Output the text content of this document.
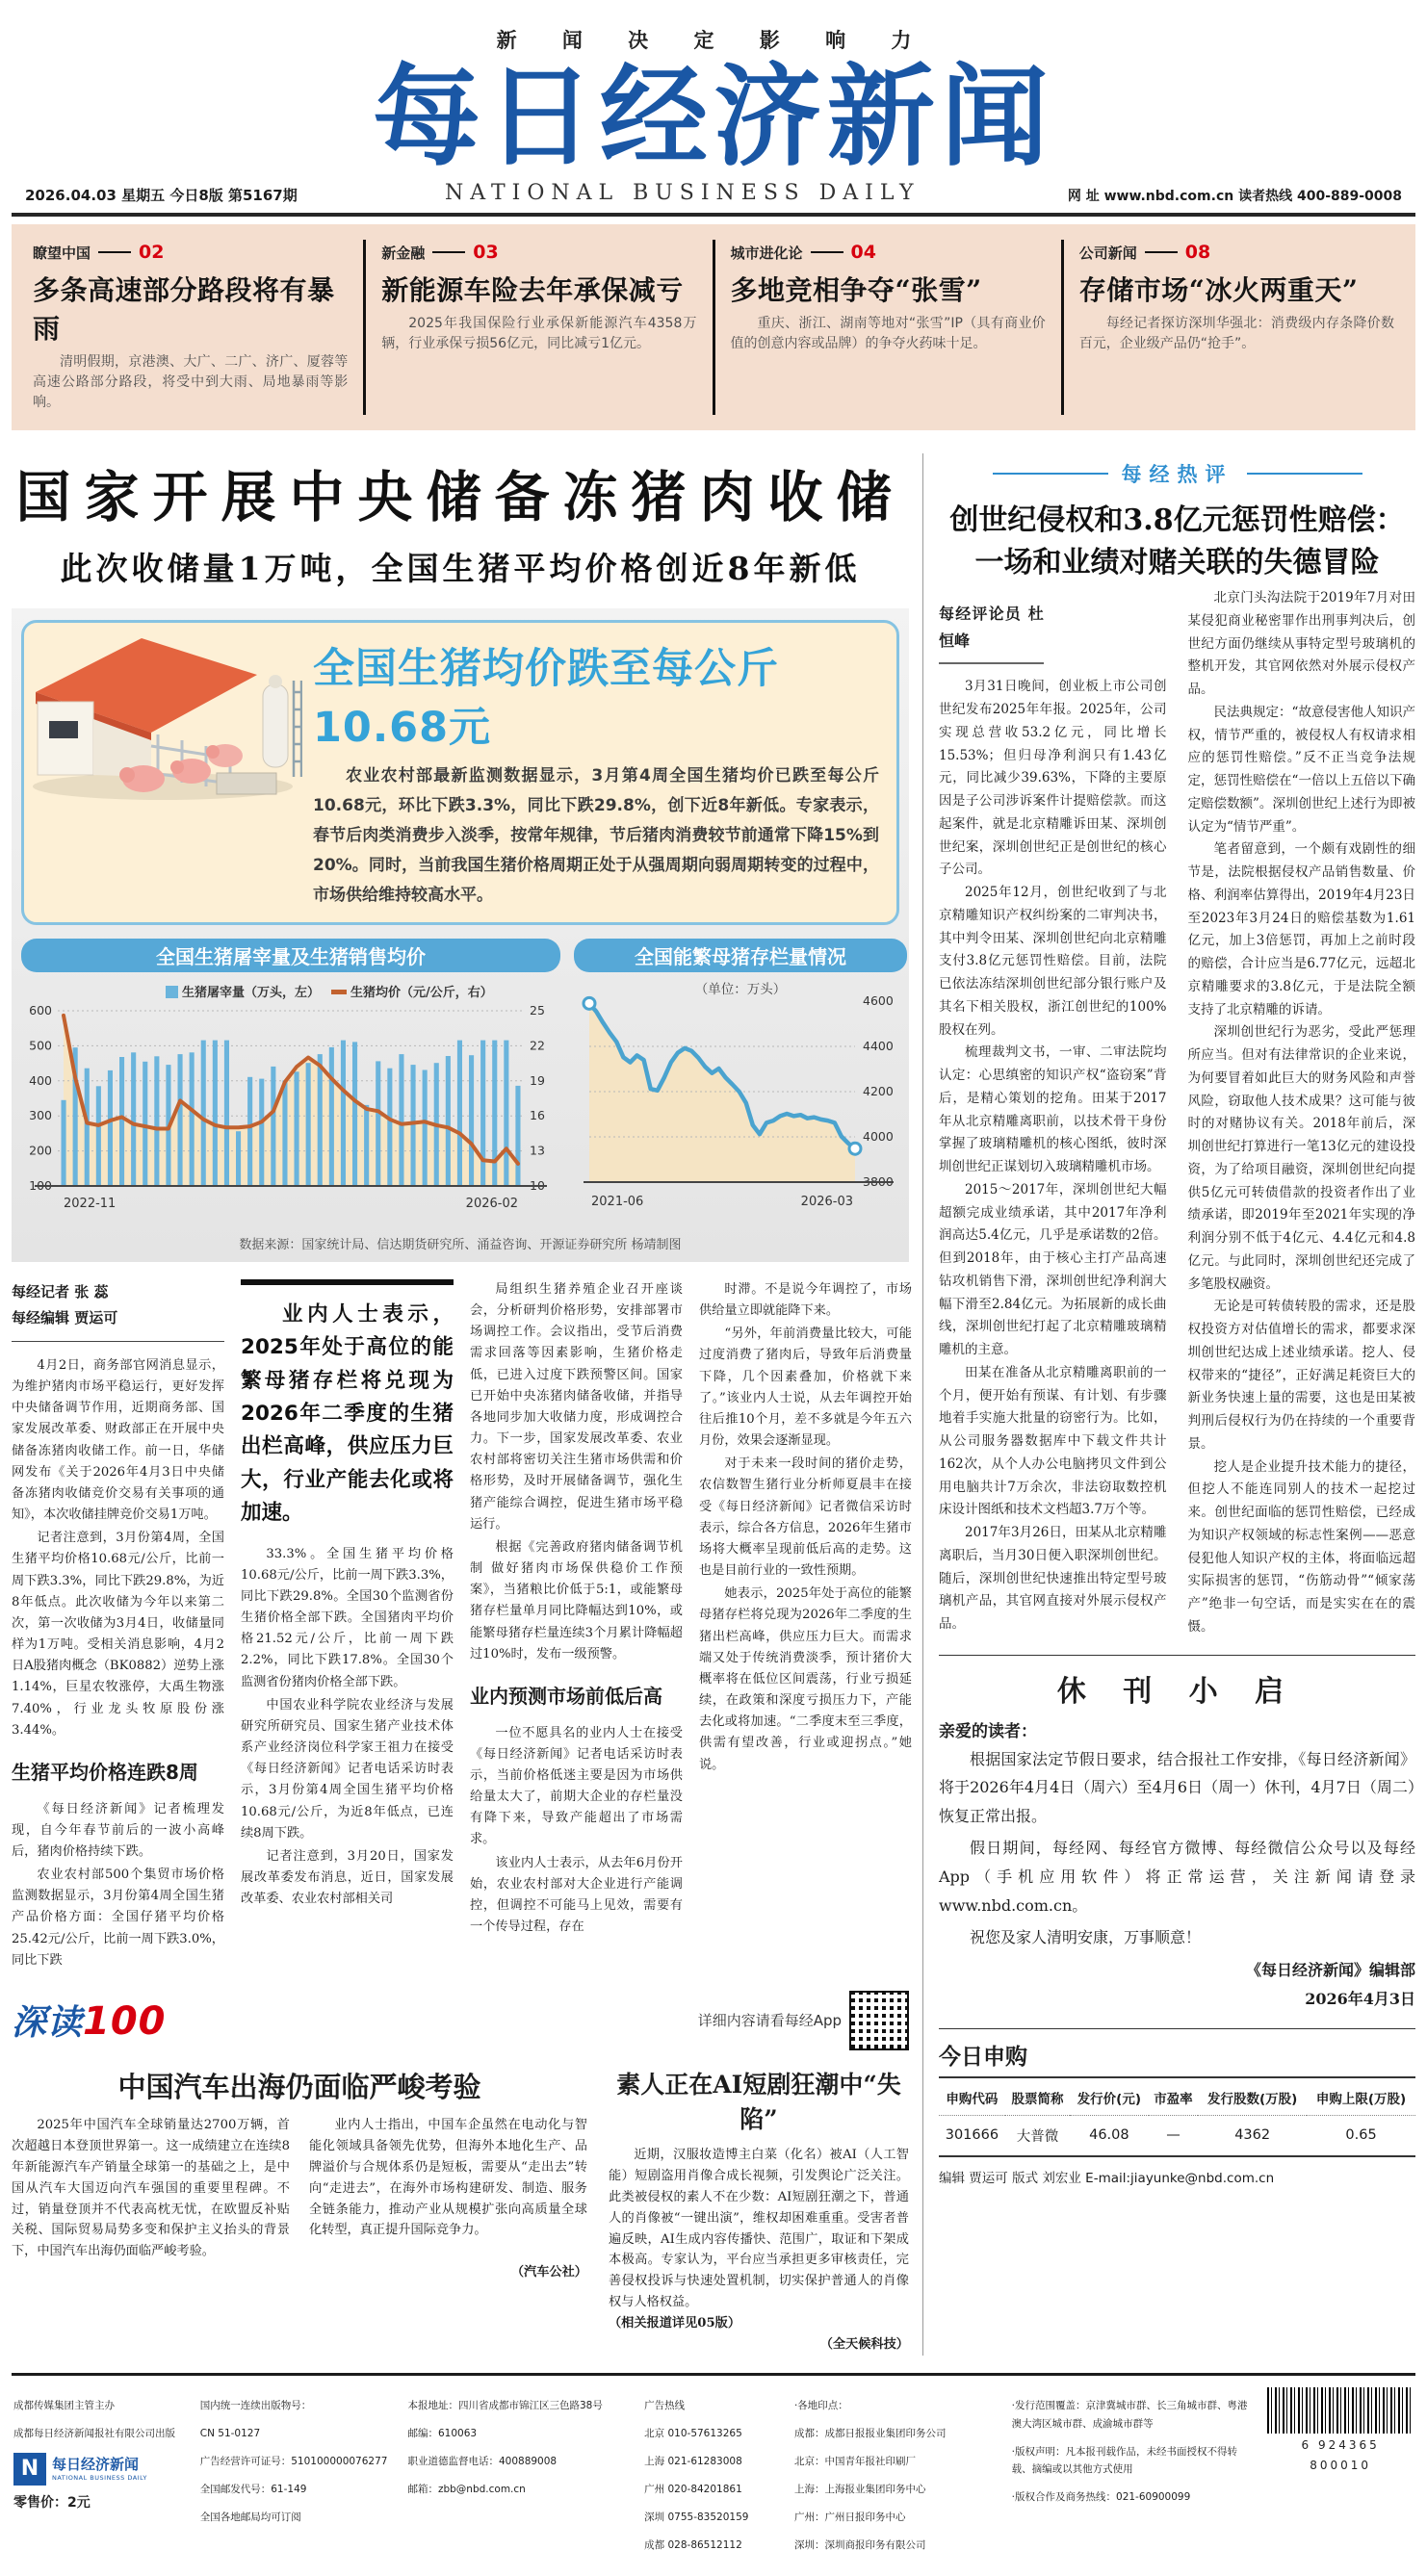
新 闻 决 定 影 响 力
每日经济新闻
2026.04.03 星期五 今日8版 第5167期	NATIONAL BUSINESS DAILY	网 址 www.nbd.com.cn 读者热线 400-889-0008
瞭望中国	02
多条高速部分路段将有暴雨
清明假期，京港澳、大广、二广、济广、厦蓉等高速公路部分路段，将受中到大雨、局地暴雨等影响。
新金融	03
新能源车险去年承保减亏
2025年我国保险行业承保新能源汽车4358万辆，行业承保亏损56亿元，同比减亏1亿元。
城市进化论	04
多地竞相争夺“张雪”
重庆、浙江、湖南等地对“张雪”IP（具有商业价值的创意内容或品牌）的争夺火药味十足。
公司新闻	08
存储市场“冰火两重天”
每经记者探访深圳华强北：消费级内存条降价数百元，企业级产品仍“抢手”。
国家开展中央储备冻猪肉收储
此次收储量1万吨，全国生猪平均价格创近8年新低
全国生猪均价跌至每公斤10.68元
农业农村部最新监测数据显示，3月第4周全国生猪均价已跌至每公斤10.68元，环比下跌3.3%，同比下跌29.8%，创下近8年新低。专家表示，春节后肉类消费步入淡季，按常年规律，节后猪肉消费较节前通常下降15%到20%。同时，当前我国生猪价格周期正处于从强周期向弱周期转变的过程中，市场供给维持较高水平。
全国生猪屠宰量及生猪销售均价
生猪屠宰量（万头，左） 生猪均价（元/公斤，右）
600	25
500	22
400	19
300	16
200	13
100	10
2022-11	2026-02
全国能繁母猪存栏量情况
（单位：万头）
4600
4400
4200
4000
3800
2021-06	2026-03
数据来源：国家统计局、信达期货研究所、涌益咨询、开源证券研究所 杨靖制图
每经记者 张 蕊
每经编辑 贾运可

4月2日，商务部官网消息显示，为维护猪肉市场平稳运行，更好发挥中央储备调节作用，近期商务部、国家发展改革委、财政部正在开展中央储备冻猪肉收储工作。前一日，华储网发布《关于2026年4月3日中央储备冻猪肉收储竞价交易有关事项的通知》，本次收储挂牌竞价交易1万吨。

记者注意到，3月份第4周，全国生猪平均价格10.68元/公斤，比前一周下跌3.3%，同比下跌29.8%，为近8年低点。此次收储为今年以来第二次，第一次收储为3月4日，收储量同样为1万吨。受相关消息影响，4月2日A股猪肉概念（BK0882）逆势上涨1.14%，巨星农牧涨停，大禹生物涨7.40%，行业龙头牧原股份涨3.44%。

生猪平均价格连跌8周

《每日经济新闻》记者梳理发现，自今年春节前后的一波小高峰后，猪肉价格持续下跌。

农业农村部500个集贸市场价格监测数据显示，3月份第4周全国生猪产品价格方面：全国仔猪平均价格25.42元/公斤，比前一周下跌3.0%，同比下跌

业内人士表示，2025年处于高位的能繁母猪存栏将兑现为2026年二季度的生猪出栏高峰，供应压力巨大，行业产能去化或将加速。

33.3%。全国生猪平均价格10.68元/公斤，比前一周下跌3.3%，同比下跌29.8%。全国30个监测省份生猪价格全部下跌。全国猪肉平均价格21.52元/公斤，比前一周下跌2.2%，同比下跌17.8%。全国30个监测省份猪肉价格全部下跌。

中国农业科学院农业经济与发展研究所研究员、国家生猪产业技术体系产业经济岗位科学家王祖力在接受《每日经济新闻》记者电话采访时表示，3月份第4周全国生猪平均价格10.68元/公斤，为近8年低点，已连续8周下跌。

记者注意到，3月20日，国家发展改革委发布消息，近日，国家发展改革委、农业农村部相关司

局组织生猪养殖企业召开座谈会，分析研判价格形势，安排部署市场调控工作。会议指出，受节后消费需求回落等因素影响，生猪价格走低，已进入过度下跌预警区间。国家已开始中央冻猪肉储备收储，并指导各地同步加大收储力度，形成调控合力。下一步，国家发展改革委、农业农村部将密切关注生猪市场供需和价格形势，及时开展储备调节，强化生猪产能综合调控，促进生猪市场平稳运行。

根据《完善政府猪肉储备调节机制 做好猪肉市场保供稳价工作预案》，当猪粮比价低于5:1，或能繁母猪存栏量单月同比降幅达到10%，或能繁母猪存栏量连续3个月累计降幅超过10%时，发布一级预警。

业内预测市场前低后高

一位不愿具名的业内人士在接受《每日经济新闻》记者电话采访时表示，当前价格低迷主要是因为市场供给量太大了，前期大企业的存栏量没有降下来，导致产能超出了市场需求。

该业内人士表示，从去年6月份开始，农业农村部对大企业进行产能调控，但调控不可能马上见效，需要有一个传导过程，存在

时滞。不是说今年调控了，市场供给量立即就能降下来。

“另外，年前消费量比较大，可能过度消费了猪肉后，导致年后消费量下降，几个因素叠加，价格就下来了。”该业内人士说，从去年调控开始往后推10个月，差不多就是今年五六月份，效果会逐渐显现。

对于未来一段时间的猪价走势，农信数智生猪行业分析师夏晨丰在接受《每日经济新闻》记者微信采访时表示，综合各方信息，2026年生猪市场将大概率呈现前低后高的走势。这也是目前行业的一致性预期。

她表示，2025年处于高位的能繁母猪存栏将兑现为2026年二季度的生猪出栏高峰，供应压力巨大。而需求端又处于传统消费淡季，预计猪价大概率将在低位区间震荡，行业亏损延续，在政策和深度亏损压力下，产能去化或将加速。“二季度末至三季度，供需有望改善，行业或迎拐点。”她说。

深读100	详细内容请看每经App
中国汽车出海仍面临严峻考验

2025年中国汽车全球销量达2700万辆，首次超越日本登顶世界第一。这一成绩建立在连续8年新能源汽车产销量全球第一的基础之上，是中国从汽车大国迈向汽车强国的重要里程碑。不过，销量登顶并不代表高枕无忧，在欧盟反补贴关税、国际贸易局势多变和保护主义抬头的背景下，中国汽车出海仍面临严峻考验。

业内人士指出，中国车企虽然在电动化与智能化领域具备领先优势，但海外本地化生产、品牌溢价与合规体系仍是短板，需要从“走出去”转向“走进去”，在海外市场构建研发、制造、服务全链条能力，推动产业从规模扩张向高质量全球化转型，真正提升国际竞争力。

（汽车公社）
素人正在AI短剧狂潮中“失陷”

近期，汉服妆造博主白菜（化名）被AI（人工智能）短剧盗用肖像合成长视频，引发舆论广泛关注。此类被侵权的素人不在少数：AI短剧狂潮之下，普通人的肖像被“一键出演”，维权却困难重重。受害者普遍反映，AI生成内容传播快、范围广，取证和下架成本极高。专家认为，平台应当承担更多审核责任，完善侵权投诉与快速处置机制，切实保护普通人的肖像权与人格权益。

（相关报道详见05版）
（全天候科技）
每经热评
创世纪侵权和3.8亿元惩罚性赔偿：
一场和业绩对赌关联的失德冒险
每经评论员 杜恒峰

3月31日晚间，创业板上市公司创世纪发布2025年年报。2025年，公司实现总营收53.2亿元，同比增长15.53%；但归母净利润只有1.43亿元，同比减少39.63%，下降的主要原因是子公司涉诉案件计提赔偿款。而这起案件，就是北京精雕诉田某、深圳创世纪案，深圳创世纪正是创世纪的核心子公司。

2025年12月，创世纪收到了与北京精雕知识产权纠纷案的二审判决书，其中判令田某、深圳创世纪向北京精雕支付3.8亿元惩罚性赔偿。目前，法院已依法冻结深圳创世纪部分银行账户及其名下相关股权，浙江创世纪的100%股权在列。

梳理裁判文书，一审、二审法院均认定：心思缜密的知识产权“盗窃案”背后，是精心策划的挖角。田某于2017年从北京精雕离职前，以技术骨干身份掌握了玻璃精雕机的核心图纸，彼时深圳创世纪正谋划切入玻璃精雕机市场。

2015～2017年，深圳创世纪大幅超额完成业绩承诺，其中2017年净利润高达5.4亿元，几乎是承诺数的2倍。但到2018年，由于核心主打产品高速钻攻机销售下滑，深圳创世纪净利润大幅下滑至2.84亿元。为拓展新的成长曲线，深圳创世纪打起了北京精雕玻璃精雕机的主意。

田某在准备从北京精雕离职前的一个月，便开始有预谋、有计划、有步骤地着手实施大批量的窃密行为。比如，从公司服务器数据库中下载文件共计162次，从个人办公电脑拷贝文件到公用电脑共计7万余次，非法窃取数控机床设计图纸和技术文档超3.7万个等。

2017年3月26日，田某从北京精雕离职后，当月30日便入职深圳创世纪。随后，深圳创世纪快速推出特定型号玻璃机产品，其官网直接对外展示侵权产品。

北京门头沟法院于2019年7月对田某侵犯商业秘密罪作出刑事判决后，创世纪方面仍继续从事特定型号玻璃机的整机开发，其官网依然对外展示侵权产品。

民法典规定：“故意侵害他人知识产权，情节严重的，被侵权人有权请求相应的惩罚性赔偿。”反不正当竞争法规定，惩罚性赔偿在“一倍以上五倍以下确定赔偿数额”。深圳创世纪上述行为即被认定为“情节严重”。

笔者留意到，一个颇有戏剧性的细节是，法院根据侵权产品销售数量、价格、利润率估算得出，2019年4月23日至2023年3月24日的赔偿基数为1.61亿元，加上3倍惩罚，再加上之前时段的赔偿，合计应当是6.77亿元，远超北京精雕要求的3.8亿元，于是法院全额支持了北京精雕的诉请。

深圳创世纪行为恶劣，受此严惩理所应当。但对有法律常识的企业来说，为何要冒着如此巨大的财务风险和声誉风险，窃取他人技术成果？这可能与彼时的对赌协议有关。2018年前后，深圳创世纪打算进行一笔13亿元的建设投资，为了给项目融资，深圳创世纪向提供5亿元可转债借款的投资者作出了业绩承诺，即2019年至2021年实现的净利润分别不低于4亿元、4.4亿元和4.8亿元。与此同时，深圳创世纪还完成了多笔股权融资。

无论是可转债转股的需求，还是股权投资方对估值增长的需求，都要求深圳创世纪达成上述业绩承诺。挖人、侵权带来的“捷径”，正好满足耗资巨大的新业务快速上量的需要，这也是田某被判刑后侵权行为仍在持续的一个重要背景。

挖人是企业提升技术能力的捷径，但挖人不能连同别人的技术一起挖过来。创世纪面临的惩罚性赔偿，已经成为知识产权领域的标志性案例——恶意侵犯他人知识产权的主体，将面临远超实际损害的惩罚，“伤筋动骨”“倾家荡产”绝非一句空话，而是实实在在的震慑。

休 刊 小 启
亲爱的读者：

根据国家法定节假日要求，结合报社工作安排，《每日经济新闻》将于2026年4月4日（周六）至4月6日（周一）休刊，4月7日（周二）恢复正常出报。

假日期间，每经网、每经官方微博、每经微信公众号以及每经App（手机应用软件）将正常运营，关注新闻请登录www.nbd.com.cn。

祝您及家人清明安康，万事顺意！

《每日经济新闻》编辑部
2026年4月3日
今日申购
申购代码	股票简称	发行价(元)	市盈率	发行股数(万股)	申购上限(万股)
301666	大普微	46.08	—	4362	0.65
编辑 贾运可 版式 刘宏业 E-mail:jiayunke@nbd.com.cn

成都传媒集团主管主办

成都每日经济新闻报社有限公司出版

N 每日经济新闻
NATIONAL BUSINESS DAILY
零售价：2元

国内统一连续出版物号：

CN 51-0127

广告经营许可证号：510100000076277

全国邮发代号：61-149

全国各地邮局均可订阅

本报地址：四川省成都市锦江区三色路38号

邮编：610063

职业道德监督电话：400889008

邮箱：zbb@nbd.com.cn

广告热线

北京 010-57613265

上海 021-61283008

广州 020-84201861

深圳 0755-83520159

成都 028-86512112

·各地印点：

成都：成都日报报业集团印务公司

北京：中国青年报社印刷厂

上海：上海报业集团印务中心

广州：广州日报印务中心

深圳：深圳商报印务有限公司

·发行范围覆盖：京津冀城市群、长三角城市群、粤港澳大湾区城市群、成渝城市群等

·版权声明：凡本报刊载作品，未经书面授权不得转载、摘编或以其他方式使用

·版权合作及商务热线：021-60900099

6 924365 800010
